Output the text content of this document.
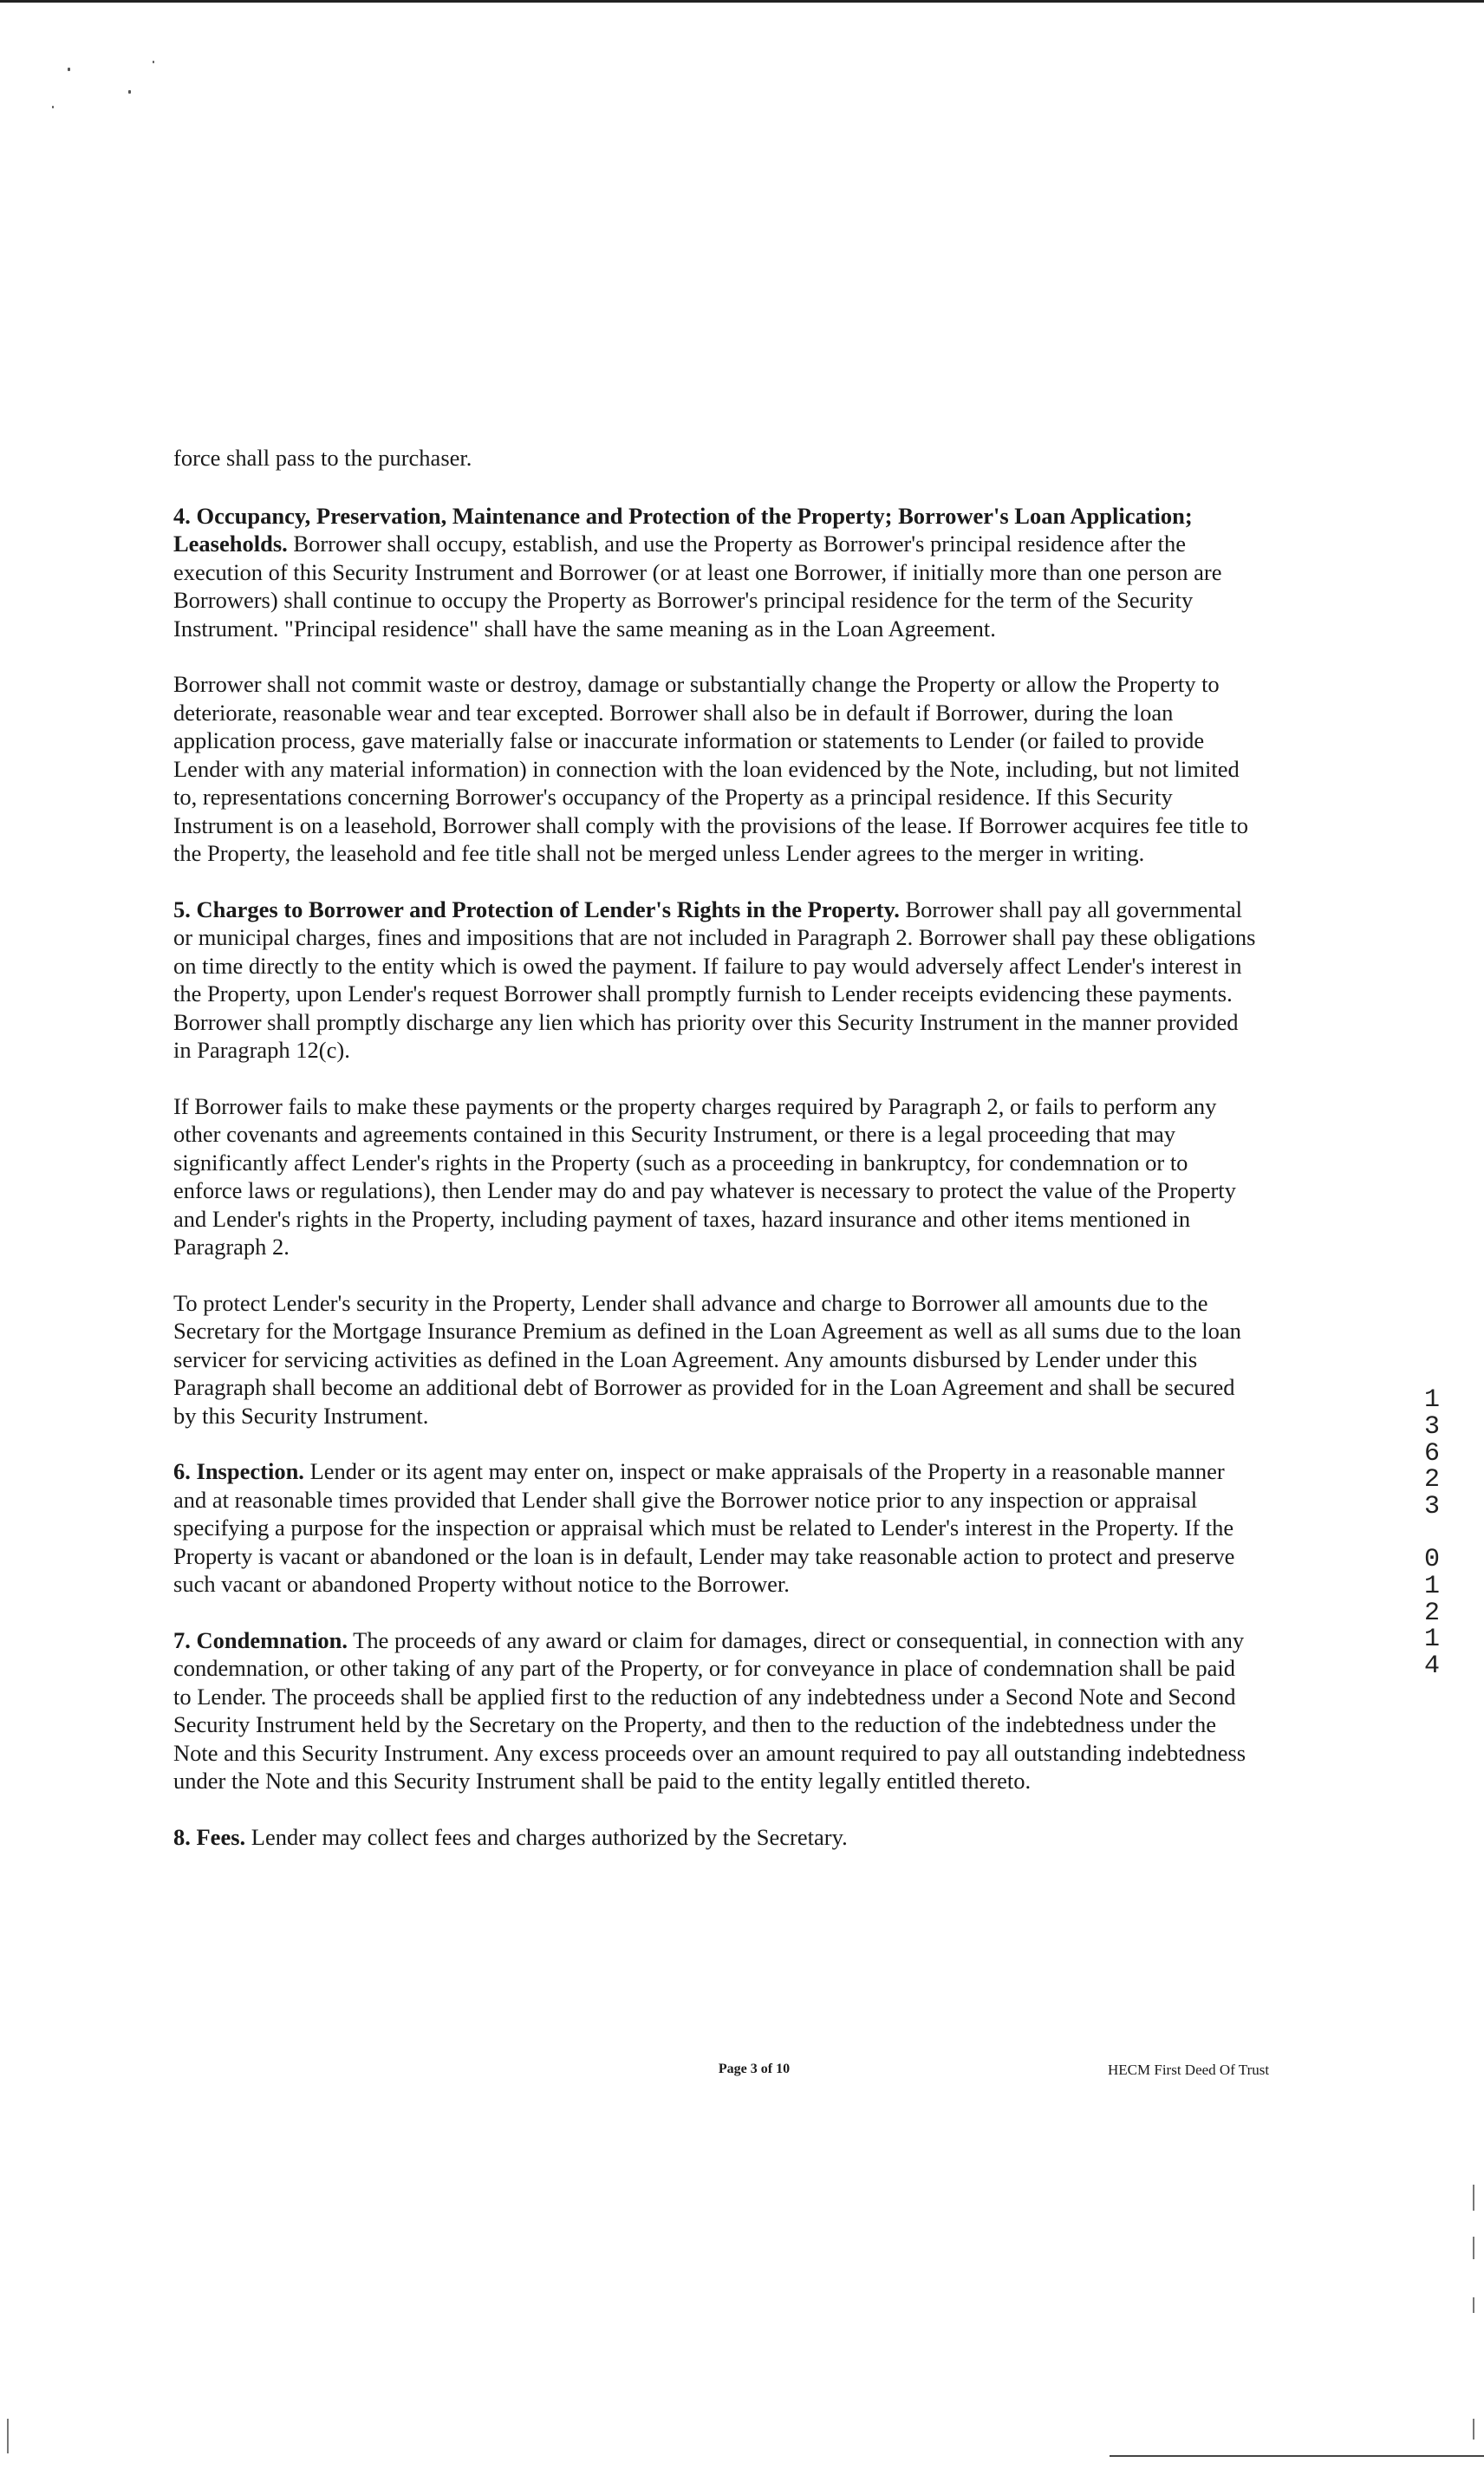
force shall pass to the purchaser.

4. Occupancy, Preservation, Maintenance and Protection of the Property; Borrower's Loan Application; Leaseholds. Borrower shall occupy, establish, and use the Property as Borrower's principal residence after the execution of this Security Instrument and Borrower (or at least one Borrower, if initially more than one person are Borrowers) shall continue to occupy the Property as Borrower's principal residence for the term of the Security Instrument. "Principal residence" shall have the same meaning as in the Loan Agreement.

Borrower shall not commit waste or destroy, damage or substantially change the Property or allow the Property to deteriorate, reasonable wear and tear excepted. Borrower shall also be in default if Borrower, during the loan application process, gave materially false or inaccurate information or statements to Lender (or failed to provide Lender with any material information) in connection with the loan evidenced by the Note, including, but not limited to, representations concerning Borrower's occupancy of the Property as a principal residence. If this Security Instrument is on a leasehold, Borrower shall comply with the provisions of the lease. If Borrower acquires fee title to the Property, the leasehold and fee title shall not be merged unless Lender agrees to the merger in writing.

5. Charges to Borrower and Protection of Lender's Rights in the Property. Borrower shall pay all governmental or municipal charges, fines and impositions that are not included in Paragraph 2. Borrower shall pay these obligations on time directly to the entity which is owed the payment. If failure to pay would adversely affect Lender's interest in the Property, upon Lender's request Borrower shall promptly furnish to Lender receipts evidencing these payments. Borrower shall promptly discharge any lien which has priority over this Security Instrument in the manner provided in Paragraph 12(c).

If Borrower fails to make these payments or the property charges required by Paragraph 2, or fails to perform any other covenants and agreements contained in this Security Instrument, or there is a legal proceeding that may significantly affect Lender's rights in the Property (such as a proceeding in bankruptcy, for condemnation or to enforce laws or regulations), then Lender may do and pay whatever is necessary to protect the value of the Property and Lender's rights in the Property, including payment of taxes, hazard insurance and other items mentioned in Paragraph 2.

To protect Lender's security in the Property, Lender shall advance and charge to Borrower all amounts due to the Secretary for the Mortgage Insurance Premium as defined in the Loan Agreement as well as all sums due to the loan servicer for servicing activities as defined in the Loan Agreement. Any amounts disbursed by Lender under this Paragraph shall become an additional debt of Borrower as provided for in the Loan Agreement and shall be secured by this Security Instrument.

6. Inspection. Lender or its agent may enter on, inspect or make appraisals of the Property in a reasonable manner and at reasonable times provided that Lender shall give the Borrower notice prior to any inspection or appraisal specifying a purpose for the inspection or appraisal which must be related to Lender's interest in the Property. If the Property is vacant or abandoned or the loan is in default, Lender may take reasonable action to protect and preserve such vacant or abandoned Property without notice to the Borrower.

7. Condemnation. The proceeds of any award or claim for damages, direct or consequential, in connection with any condemnation, or other taking of any part of the Property, or for conveyance in place of condemnation shall be paid to Lender. The proceeds shall be applied first to the reduction of any indebtedness under a Second Note and Second Security Instrument held by the Secretary on the Property, and then to the reduction of the indebtedness under the Note and this Security Instrument. Any excess proceeds over an amount required to pay all outstanding indebtedness under the Note and this Security Instrument shall be paid to the entity legally entitled thereto.

8. Fees. Lender may collect fees and charges authorized by the Secretary.

Page 3 of 10	HECM First Deed Of Trust
1
3
6
2
3
0
1
2
1
4
